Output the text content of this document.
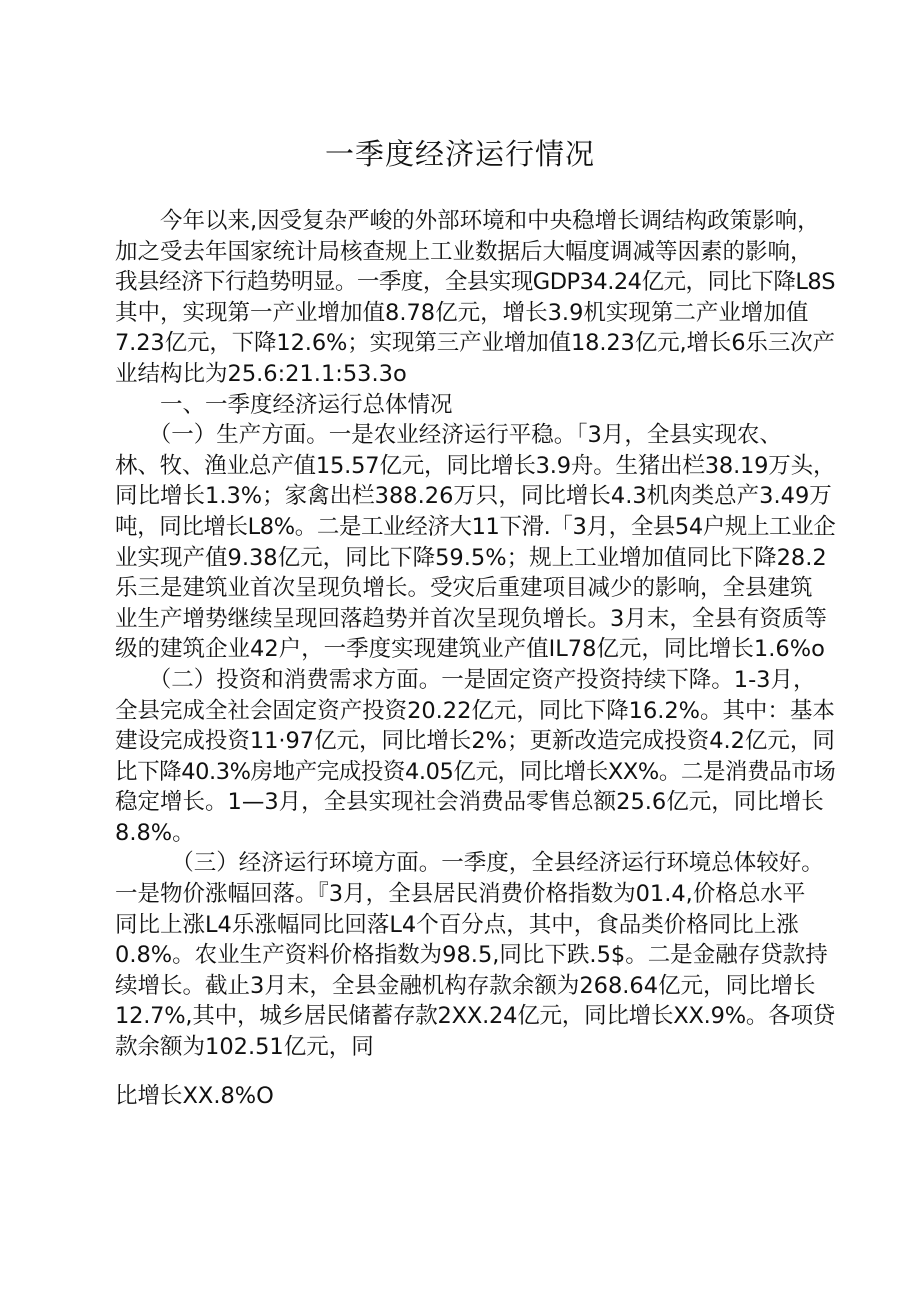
一季度经济运行情况
　　今年以来,因受复杂严峻的外部环境和中央稳增长调结构政策影响，
加之受去年国家统计局核查规上工业数据后大幅度调减等因素的影响，
我县经济下行趋势明显。一季度，全县实现GDP34.24亿元，同比下降L8S
其中，实现第一产业增加值8.78亿元，增长3.9机实现第二产业增加值
7.23亿元，下降12.6%；实现第三产业增加值18.23亿元,增长6乐三次产
业结构比为25.6:21.1:53.3o
　　一、一季度经济运行总体情况
　　（一）生产方面。一是农业经济运行平稳。「3月，全县实现农、
林、牧、渔业总产值15.57亿元，同比增长3.9舟。生猪出栏38.19万头，
同比增长1.3%；家禽出栏388.26万只，同比增长4.3机肉类总产3.49万
吨，同比增长L8%。二是工业经济大11下滑.「3月，全县54户规上工业企
业实现产值9.38亿元，同比下降59.5%；规上工业增加值同比下降28.2
乐三是建筑业首次呈现负增长。受灾后重建项目减少的影响，全县建筑
业生产增势继续呈现回落趋势并首次呈现负增长。3月末，全县有资质等
级的建筑企业42户，一季度实现建筑业产值IL78亿元，同比增长1.6%o
　　（二）投资和消费需求方面。一是固定资产投资持续下降。1-3月，
全县完成全社会固定资产投资20.22亿元，同比下降16.2%。其中：基本
建设完成投资11·97亿元，同比增长2%；更新改造完成投资4.2亿元，同
比下降40.3%房地产完成投资4.05亿元，同比增长XX%。二是消费品市场
稳定增长。1—3月，全县实现社会消费品零售总额25.6亿元，同比增长
8.8%。
　　 （三）经济运行环境方面。一季度，全县经济运行环境总体较好。
一是物价涨幅回落。『3月，全县居民消费价格指数为01.4,价格总水平
同比上涨L4乐涨幅同比回落L4个百分点，其中，食品类价格同比上涨
0.8%。农业生产资料价格指数为98.5,同比下跌.5$。二是金融存贷款持
续增长。截止3月末，全县金融机构存款余额为268.64亿元，同比增长
12.7%,其中，城乡居民储蓄存款2XX.24亿元，同比增长XX.9%。各项贷
款余额为102.51亿元，同
比增长XX.8%O
